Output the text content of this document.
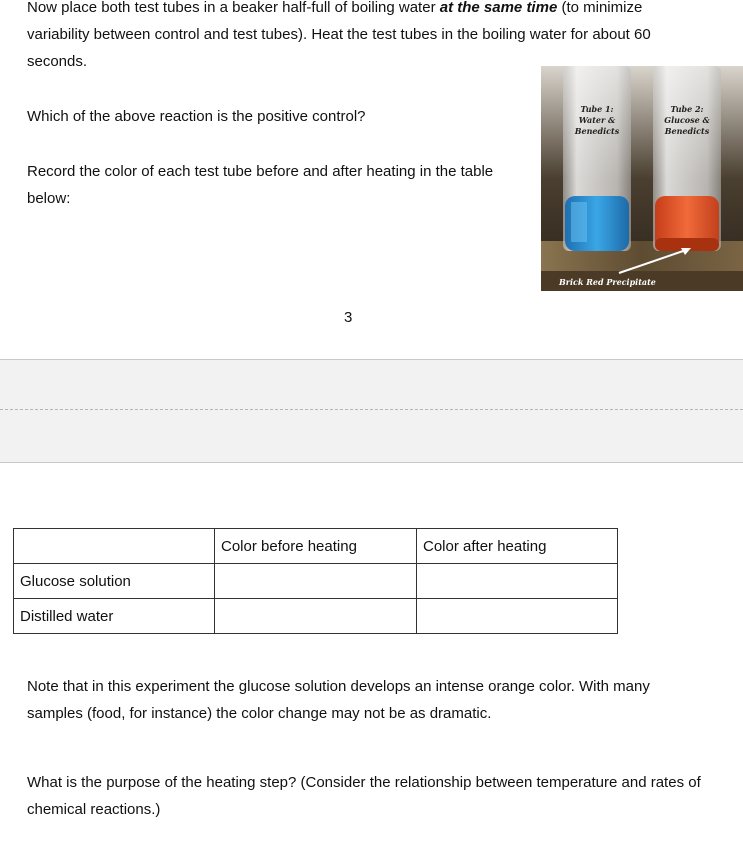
Now place both test tubes in a beaker half-full of boiling water at the same time (to minimize variability between control and test tubes). Heat the test tubes in the boiling water for about 60 seconds.

Which of the above reaction is the positive control?

Record the color of each test tube before and after heating in the table below:

Tube 1:
Water &
Benedicts
Tube 2:
Glucose &
Benedicts
Brick Red Precipitate
3
	Color before heating	Color after heating
Glucose solution		
Distilled water		

Note that in this experiment the glucose solution develops an intense orange color. With many samples (food, for instance) the color change may not be as dramatic.

What is the purpose of the heating step? (Consider the relationship between temperature and rates of chemical reactions.)
